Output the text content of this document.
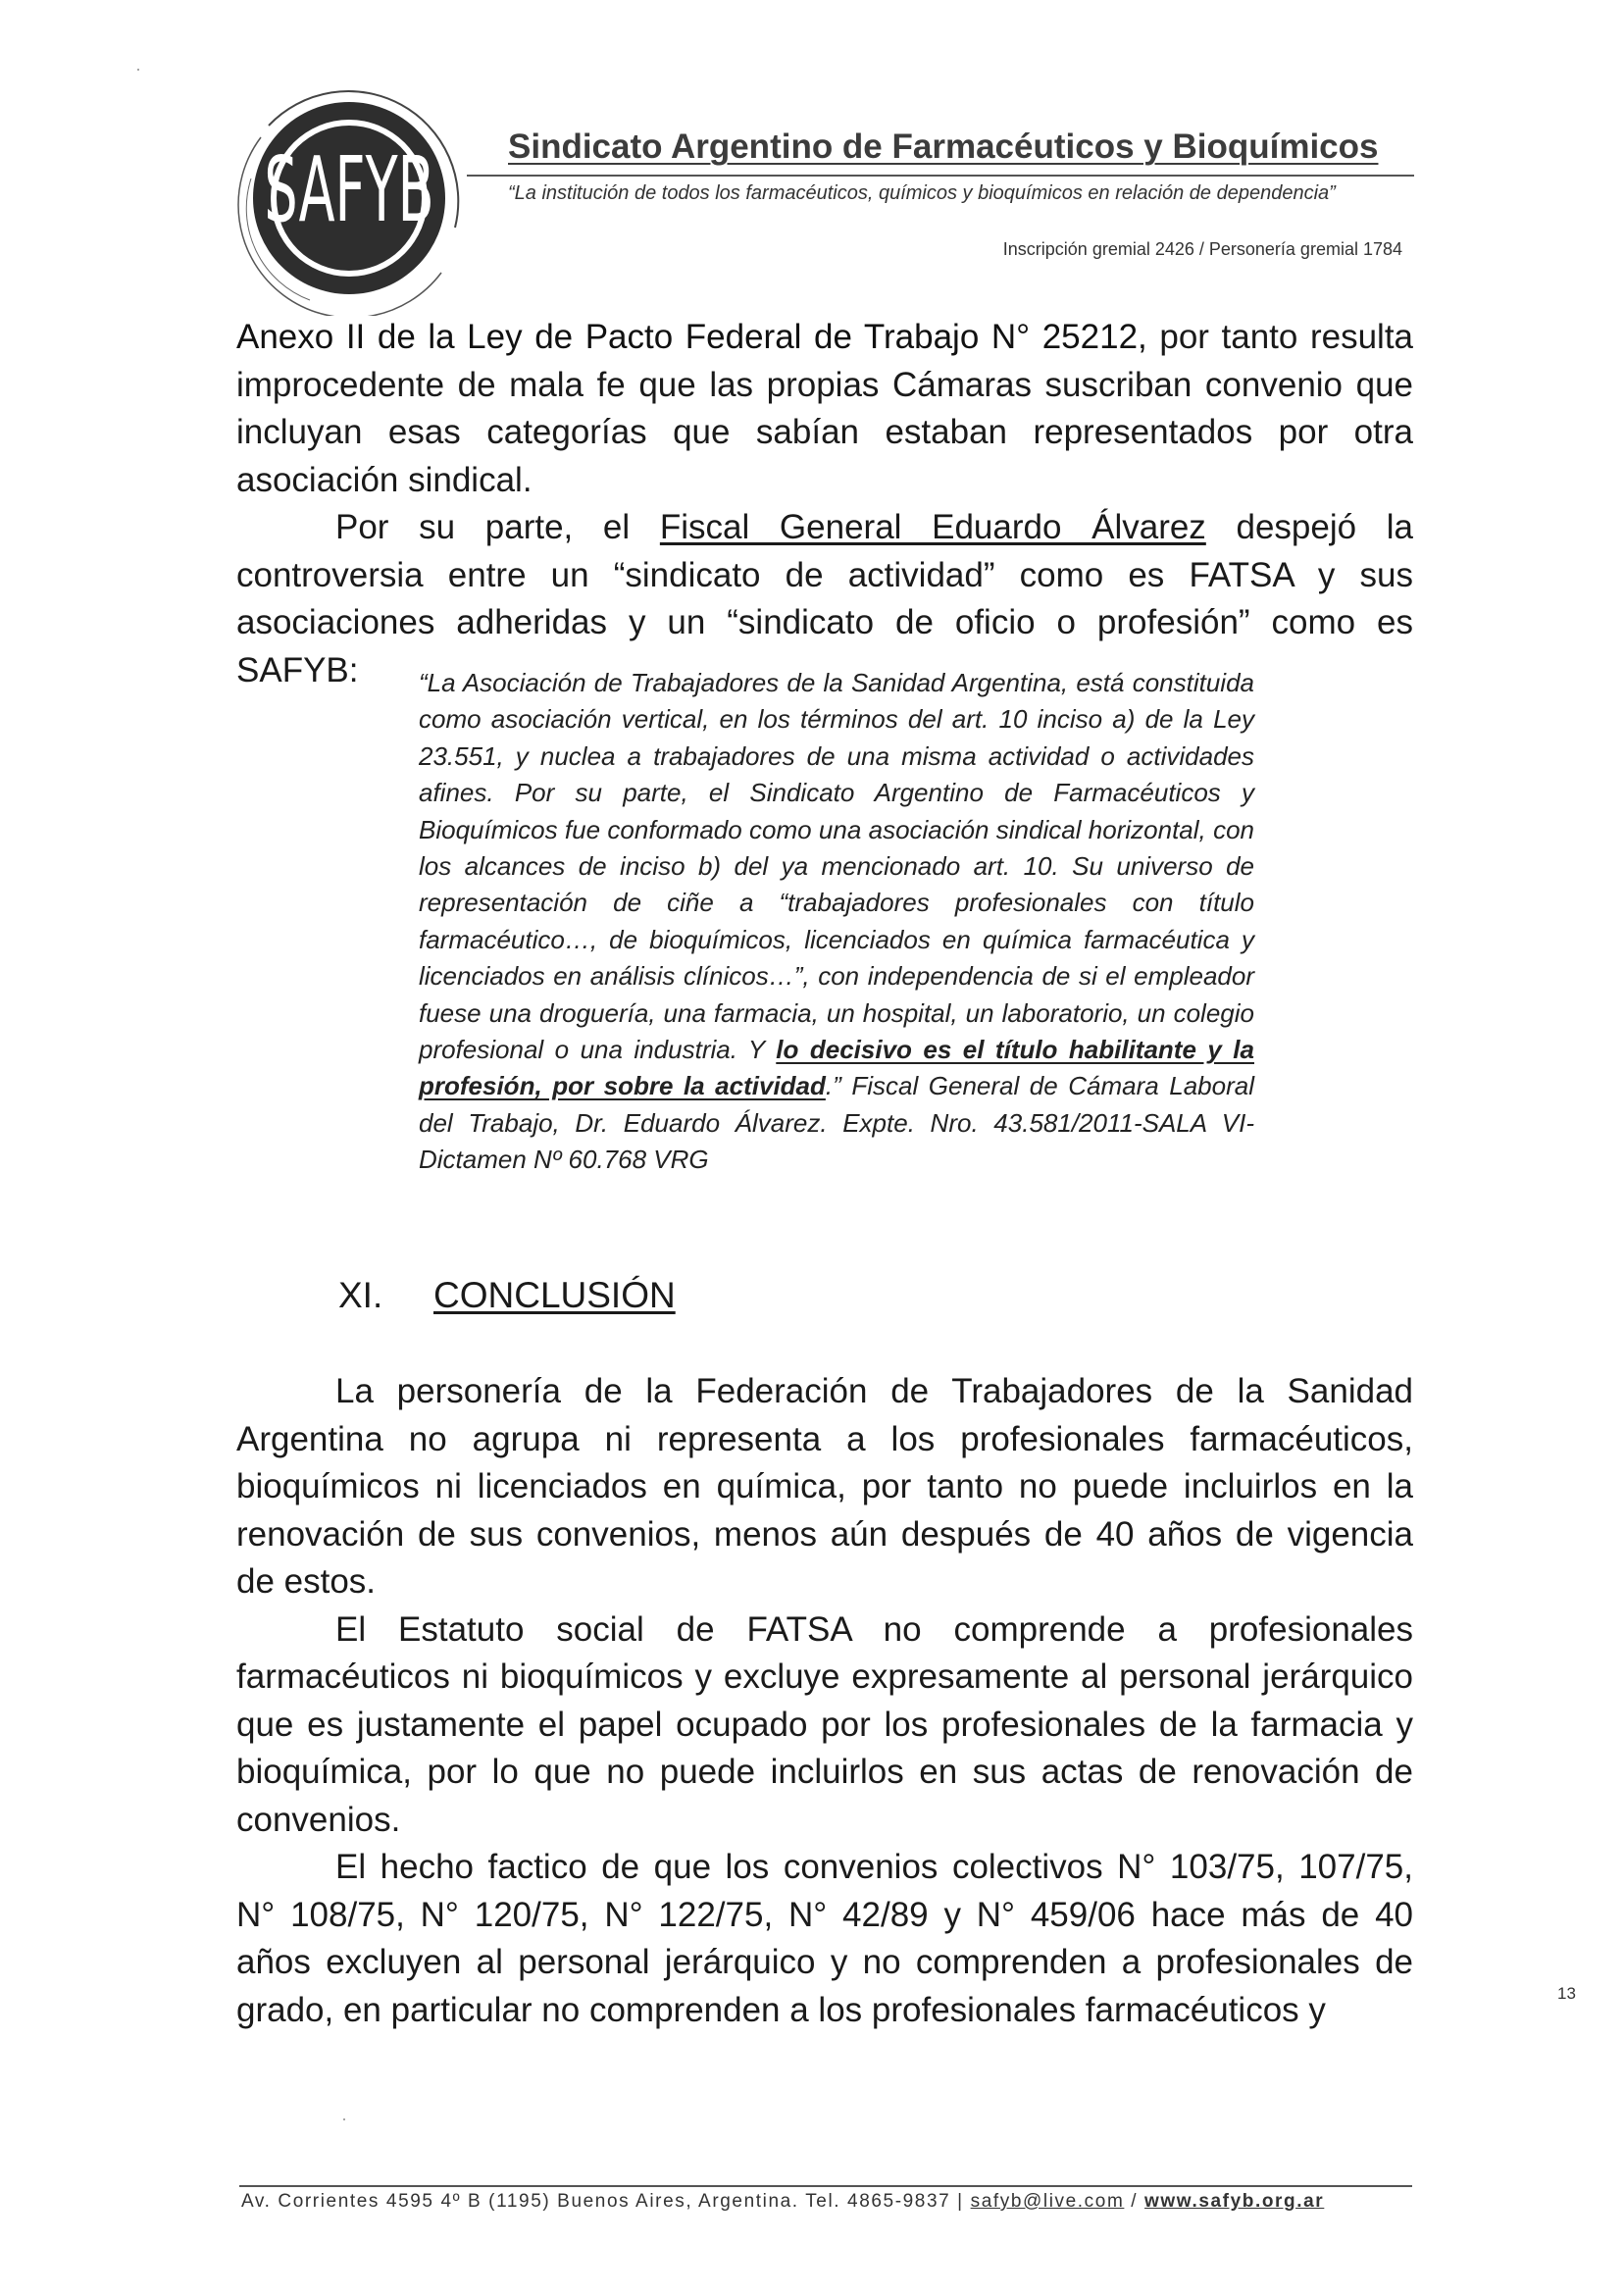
SAFYB Sindicato Argentino de Farmacéuticos y Bioquímicos
“La institución de todos los farmacéuticos, químicos y bioquímicos en relación de dependencia”
Inscripción gremial 2426 / Personería gremial 1784

Anexo II de la Ley de Pacto Federal de Trabajo N° 25212, por tanto resulta improcedente de mala fe que las propias Cámaras suscriban convenio que incluyan esas categorías que sabían estaban representados por otra asociación sindical.

Por su parte, el Fiscal General Eduardo Álvarez despejó la controversia entre un “sindicato de actividad” como es FATSA y sus asociaciones adheridas y un “sindicato de oficio o profesión” como es SAFYB:	“La Asociación de Trabajadores de la Sanidad Argentina, está constituida como asociación vertical, en los términos del art. 10 inciso a) de la Ley 23.551, y nuclea a trabajadores de una misma actividad o actividades afines. Por su parte, el Sindicato Argentino de Farmacéuticos y Bioquímicos fue conformado como una asociación sindical horizontal, con los alcances de inciso b) del ya mencionado art. 10. Su universo de representación de ciñe a “trabajadores profesionales con título farmacéutico…, de bioquímicos, licenciados en química farmacéutica y licenciados en análisis clínicos…”, con independencia de si el empleador fuese una droguería, una farmacia, un hospital, un laboratorio, un colegio profesional o una industria. Y lo decisivo es el título habilitante y la profesión, por sobre la actividad.” Fiscal General de Cámara Laboral del Trabajo, Dr. Eduardo Álvarez. Expte. Nro. 43.581/2011-SALA VI- Dictamen Nº 60.768 VRG

XI. CONCLUSIÓN

La personería de la Federación de Trabajadores de la Sanidad Argentina no agrupa ni representa a los profesionales farmacéuticos, bioquímicos ni licenciados en química, por tanto no puede incluirlos en la renovación de sus convenios, menos aún después de 40 años de vigencia de estos.

El Estatuto social de FATSA no comprende a profesionales farmacéuticos ni bioquímicos y excluye expresamente al personal jerárquico que es justamente el papel ocupado por los profesionales de la farmacia y bioquímica, por lo que no puede incluirlos en sus actas de renovación de convenios.

El hecho factico de que los convenios colectivos N° 103/75, 107/75, N° 108/75, N° 120/75, N° 122/75, N° 42/89 y N° 459/06 hace más de 40 años excluyen al personal jerárquico y no comprenden a profesionales de grado, en particular no comprenden a los profesionales farmacéuticos y	13
Av. Corrientes 4595 4º B (1195) Buenos Aires, Argentina. Tel. 4865-9837 | safyb@live.com / www.safyb.org.ar
